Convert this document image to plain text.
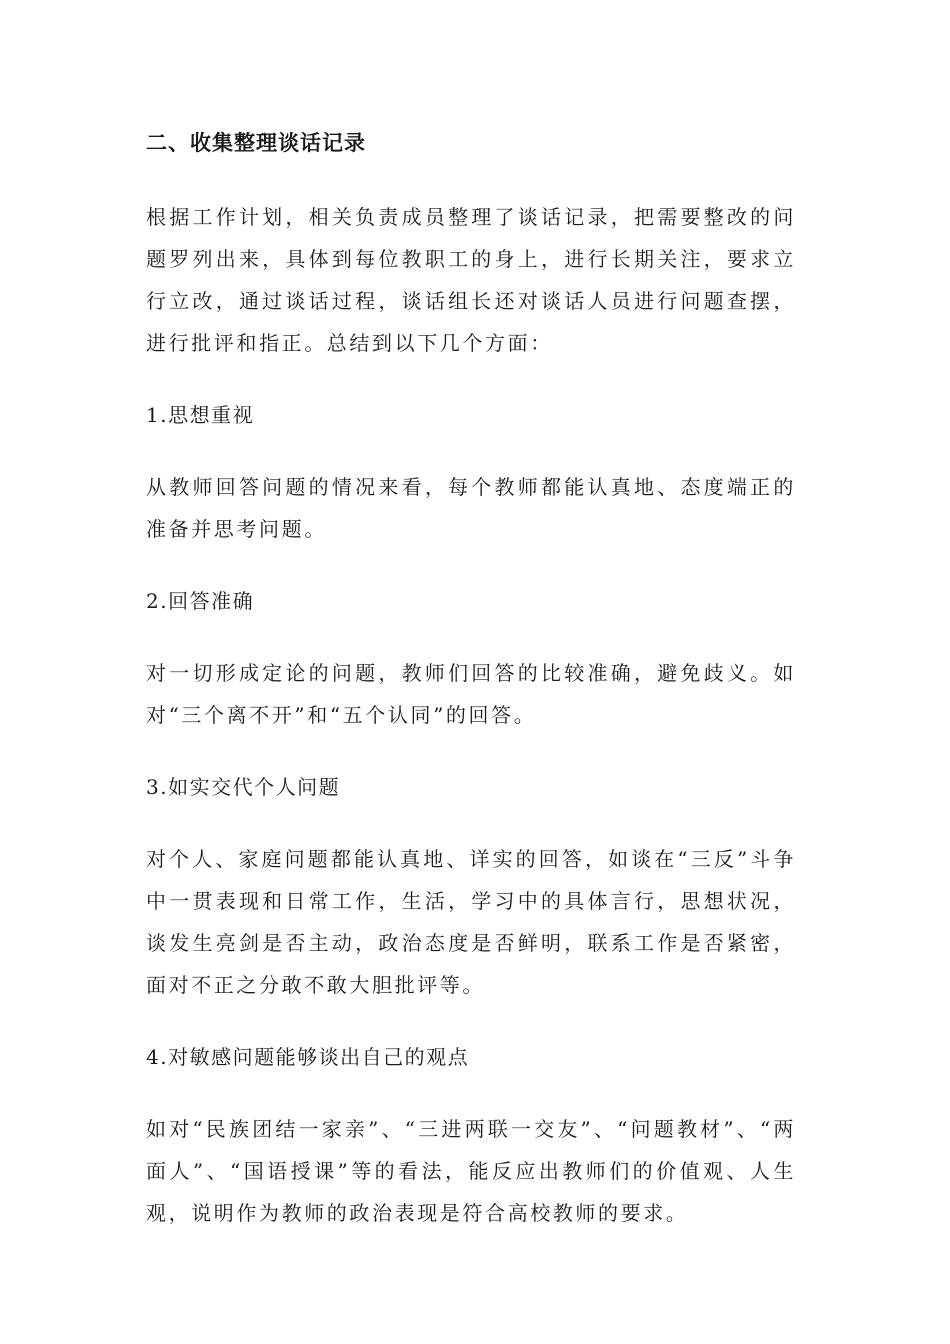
二、收集整理谈话记录

根据工作计划，相关负责成员整理了谈话记录，把需要整改的问题罗列出来，具体到每位教职工的身上，进行长期关注，要求立行立改，通过谈话过程，谈话组长还对谈话人员进行问题查摆，进行批评和指正。总结到以下几个方面：

1.思想重视

从教师回答问题的情况来看，每个教师都能认真地、态度端正的准备并思考问题。

2.回答准确

对一切形成定论的问题，教师们回答的比较准确，避免歧义。如对“三个离不开”和“五个认同”的回答。

3.如实交代个人问题

对个人、家庭问题都能认真地、详实的回答，如谈在“三反”斗争中一贯表现和日常工作，生活，学习中的具体言行，思想状况，谈发生亮剑是否主动，政治态度是否鲜明，联系工作是否紧密，面对不正之分敢不敢大胆批评等。

4.对敏感问题能够谈出自己的观点

如对“民族团结一家亲”、“三进两联一交友”、“问题教材”、“两面人”、“国语授课”等的看法，能反应出教师们的价值观、人生观，说明作为教师的政治表现是符合高校教师的要求。
